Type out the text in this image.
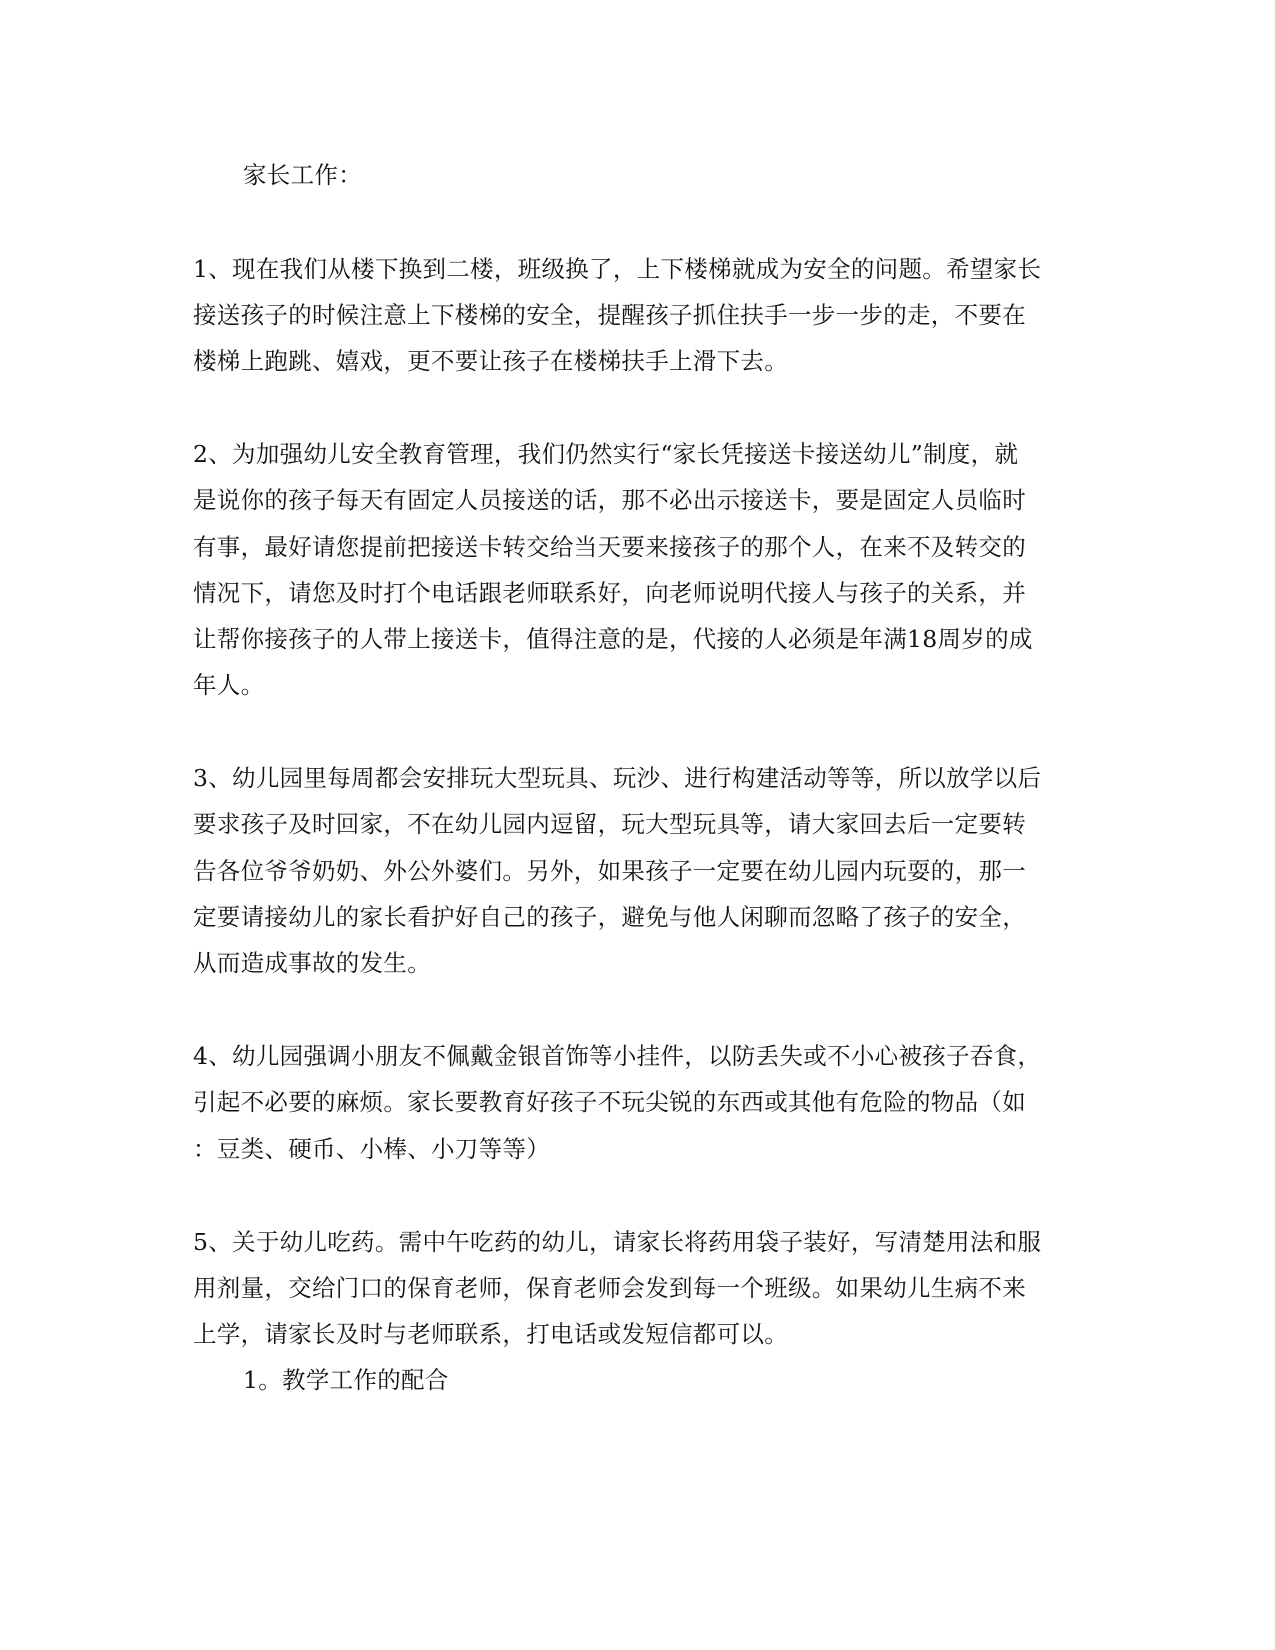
家长工作：
1、现在我们从楼下换到二楼，班级换了，上下楼梯就成为安全的问题。希望家长
接送孩子的时候注意上下楼梯的安全，提醒孩子抓住扶手一步一步的走，不要在
楼梯上跑跳、嬉戏，更不要让孩子在楼梯扶手上滑下去。
2、为加强幼儿安全教育管理，我们仍然实行“家长凭接送卡接送幼儿”制度，就
是说你的孩子每天有固定人员接送的话，那不必出示接送卡，要是固定人员临时
有事，最好请您提前把接送卡转交给当天要来接孩子的那个人，在来不及转交的
情况下，请您及时打个电话跟老师联系好，向老师说明代接人与孩子的关系，并
让帮你接孩子的人带上接送卡，值得注意的是，代接的人必须是年满18周岁的成
年人。
3、幼儿园里每周都会安排玩大型玩具、玩沙、进行构建活动等等，所以放学以后
要求孩子及时回家，不在幼儿园内逗留，玩大型玩具等，请大家回去后一定要转
告各位爷爷奶奶、外公外婆们。另外，如果孩子一定要在幼儿园内玩耍的，那一
定要请接幼儿的家长看护好自己的孩子，避免与他人闲聊而忽略了孩子的安全，
从而造成事故的发生。
4、幼儿园强调小朋友不佩戴金银首饰等小挂件，以防丢失或不小心被孩子吞食，
引起不必要的麻烦。家长要教育好孩子不玩尖锐的东西或其他有危险的物品（如
：豆类、硬币、小棒、小刀等等）
5、关于幼儿吃药。需中午吃药的幼儿，请家长将药用袋子装好，写清楚用法和服
用剂量，交给门口的保育老师，保育老师会发到每一个班级。如果幼儿生病不来
上学，请家长及时与老师联系，打电话或发短信都可以。
1。教学工作的配合
